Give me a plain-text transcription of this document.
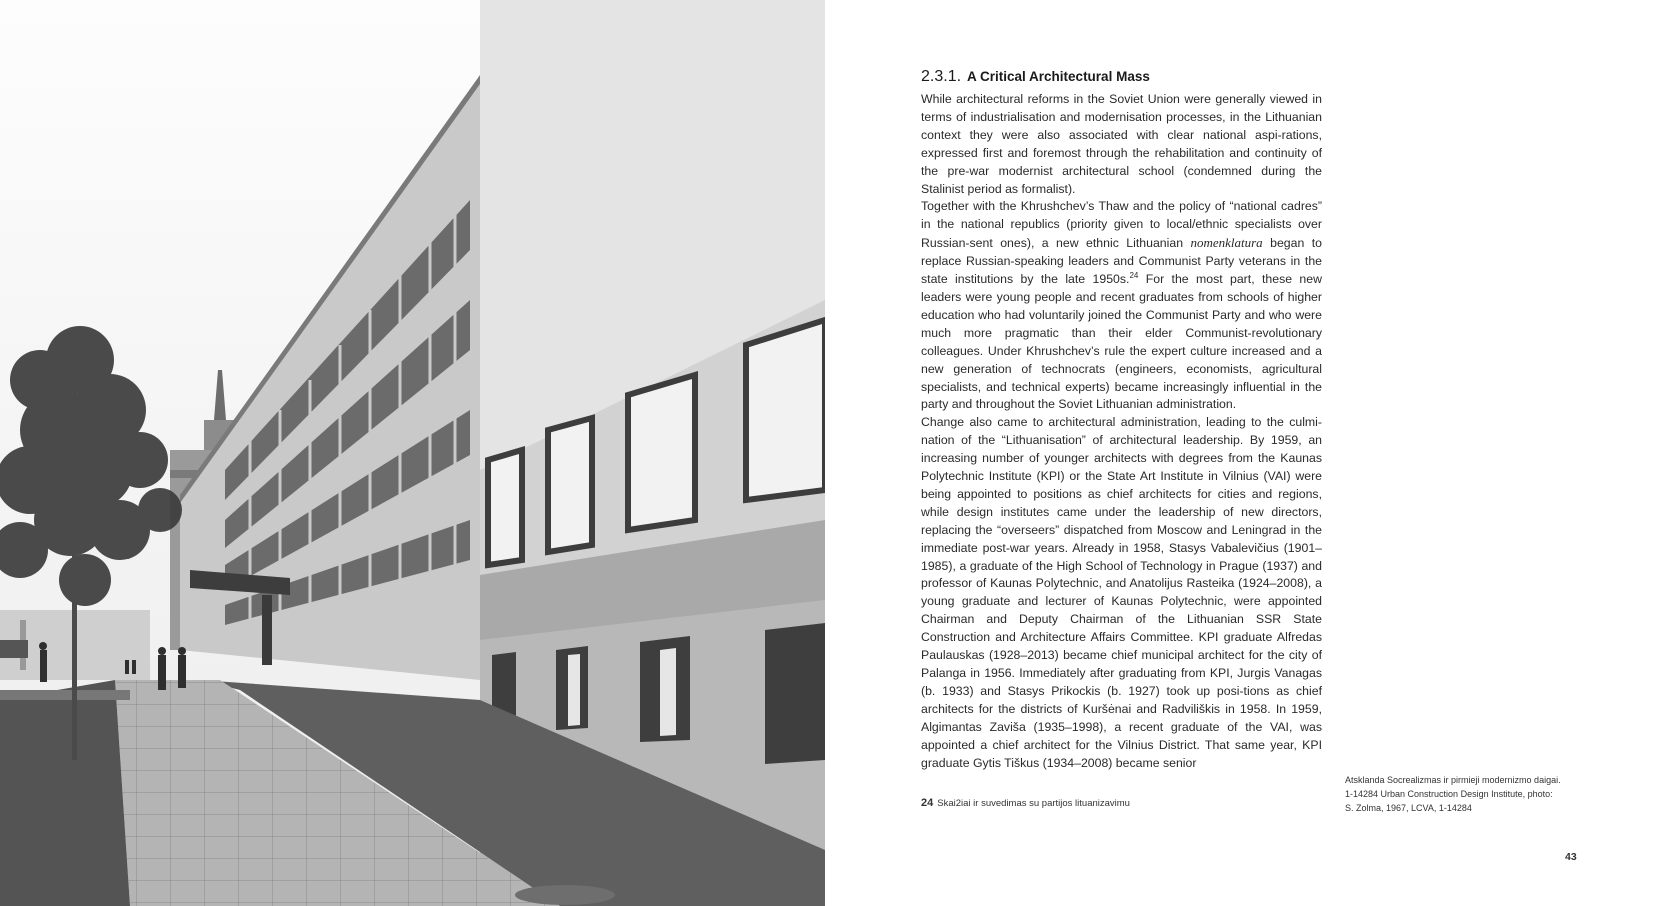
2.3.1. A Critical Architectural Mass

While architectural reforms in the Soviet Union were generally viewed in terms of industrialisation and modernisation processes, in the Lithuanian context they were also associated with clear national aspi-rations, expressed first and foremost through the rehabilitation and continuity of the pre-war modernist architectural school (condemned during the Stalinist period as formalist).

Together with the Khrushchev’s Thaw and the policy of “national cadres” in the national republics (priority given to local/ethnic specialists over Russian-sent ones), a new ethnic Lithuanian nomenklatura began to replace Russian-speaking leaders and Communist Party veterans in the state institutions by the late 1950s.$^{24}$ For the most part, these new leaders were young people and recent graduates from schools of higher education who had voluntarily joined the Communist Party and who were much more pragmatic than their elder Communist-revolutionary colleagues. Under Khrushchev’s rule the expert culture increased and a new generation of technocrats (engineers, economists, agricultural specialists, and technical experts) became increasingly influential in the party and throughout the Soviet Lithuanian administration.

Change also came to architectural administration, leading to the culmi-nation of the “Lithuanisation” of architectural leadership. By 1959, an increasing number of younger architects with degrees from the Kaunas Polytechnic Institute (KPI) or the State Art Institute in Vilnius (VAI) were being appointed to positions as chief architects for cities and regions, while design institutes came under the leadership of new directors, replacing the “overseers” dispatched from Moscow and Leningrad in the immediate post-war years. Already in 1958, Stasys Vabalevičius (1901–1985), a graduate of the High School of Technology in Prague (1937) and professor of Kaunas Polytechnic, and Anatolijus Rasteika (1924–2008), a young graduate and lecturer of Kaunas Polytechnic, were appointed Chairman and Deputy Chairman of the Lithuanian SSR State Construction and Architecture Affairs Committee. KPI graduate Alfredas Paulauskas (1928–2013) became chief municipal architect for the city of Palanga in 1956. Immediately after graduating from KPI, Jurgis Vanagas (b. 1933) and Stasys Prikockis (b. 1927) took up posi-tions as chief architects for the districts of Kuršėnai and Radviliškis in 1958. In 1959, Algimantas Zaviša (1935–1998), a recent graduate of the VAI, was appointed a chief architect for the Vilnius District. That same year, KPI graduate Gytis Tiškus (1934–2008) became senior

24 Skai2iai ir suvedimas su partijos lituanizavimu

Atsklanda Socrealizmas ir pirmieji modernizmo daigai.

1-14284 Urban Construction Design Institute, photo:

S. Zolma, 1967, LCVA, 1-14284

43
